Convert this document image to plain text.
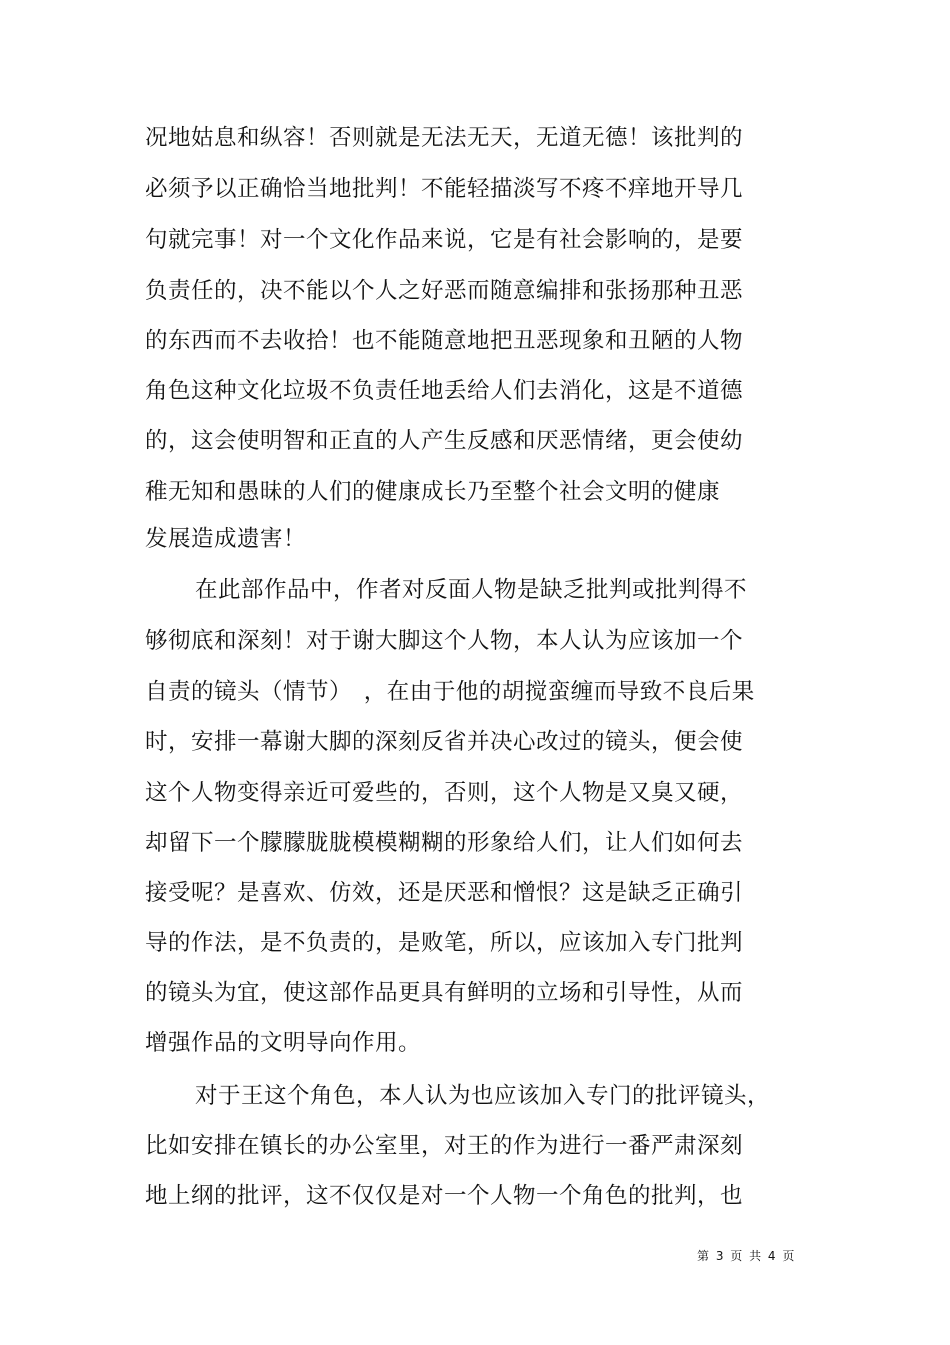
况地姑息和纵容！否则就是无法无天，无道无德！该批判的
必须予以正确恰当地批判！不能轻描淡写不疼不痒地开导几
句就完事！对一个文化作品来说，它是有社会影响的，是要
负责任的，决不能以个人之好恶而随意编排和张扬那种丑恶
的东西而不去收拾！也不能随意地把丑恶现象和丑陋的人物
角色这种文化垃圾不负责任地丢给人们去消化，这是不道德
的，这会使明智和正直的人产生反感和厌恶情绪，更会使幼
稚无知和愚昧的人们的健康成长乃至整个社会文明的健康
发展造成遗害！
在此部作品中，作者对反面人物是缺乏批判或批判得不
够彻底和深刻！对于谢大脚这个人物，本人认为应该加一个
自责的镜头（情节）　，在由于他的胡搅蛮缠而导致不良后果
时，安排一幕谢大脚的深刻反省并决心改过的镜头，便会使
这个人物变得亲近可爱些的，否则，这个人物是又臭又硬，
却留下一个朦朦胧胧模模糊糊的形象给人们，让人们如何去
接受呢？是喜欢、仿效，还是厌恶和憎恨？这是缺乏正确引
导的作法，是不负责的，是败笔，所以，应该加入专门批判
的镜头为宜，使这部作品更具有鲜明的立场和引导性，从而
增强作品的文明导向作用。
对于王这个角色，本人认为也应该加入专门的批评镜头，
比如安排在镇长的办公室里，对王的作为进行一番严肃深刻
地上纲的批评，这不仅仅是对一个人物一个角色的批判，也
第 3 页 共 4 页
